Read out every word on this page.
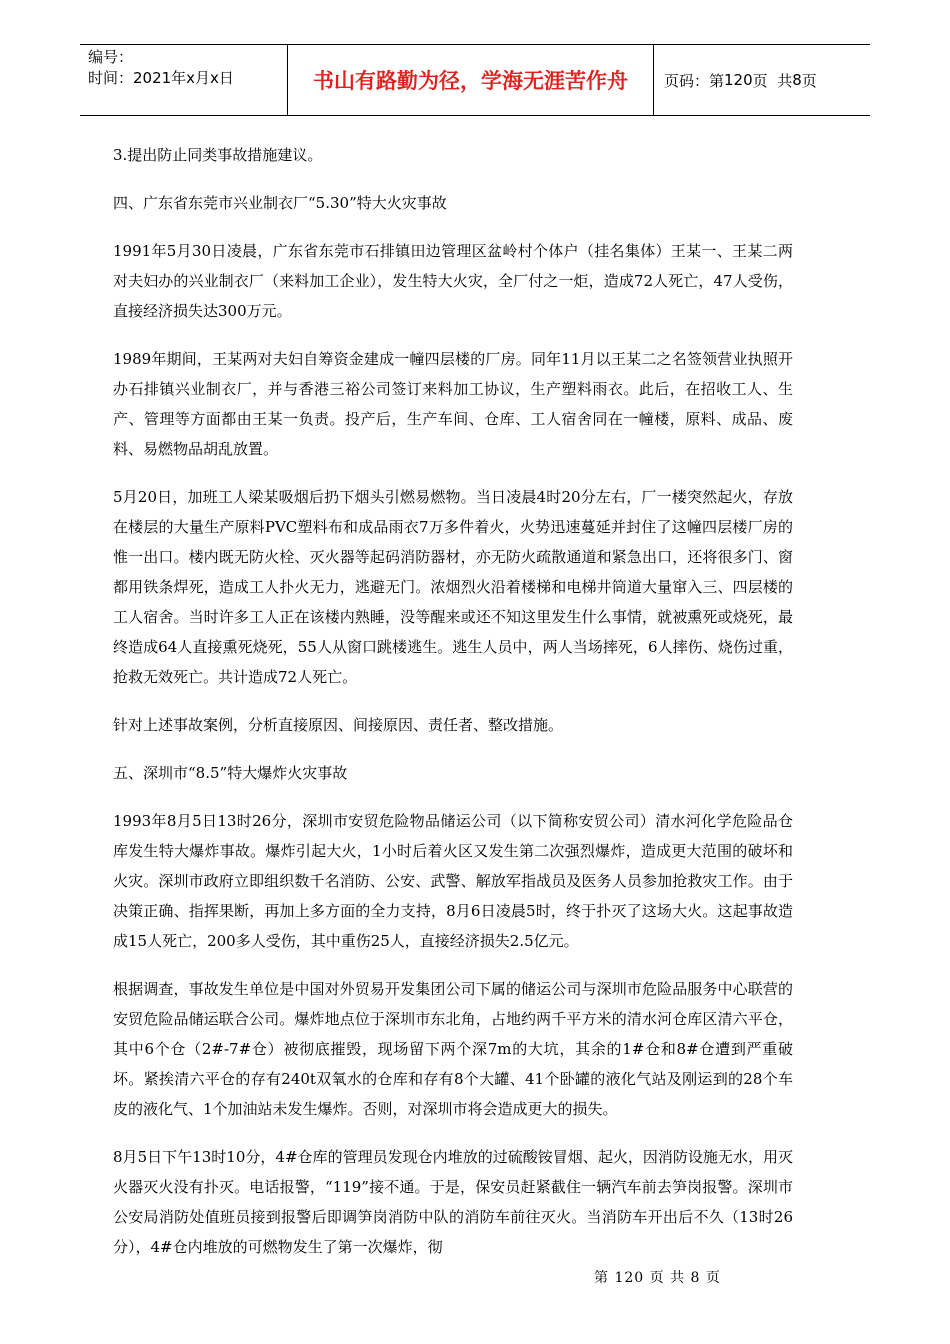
编号：
时间：2021年x月x日	书山有路勤为径，学海无涯苦作舟	页码：第 120 页  共 8 页

3.提出防止同类事故措施建议。

四、广东省东莞市兴业制衣厂“5.30”特大火灾事故

1991年5月30日凌晨，广东省东莞市石排镇田边管理区盆岭村个体户（挂名集体）王某一、王某二两对夫妇办的兴业制衣厂（来料加工企业），发生特大火灾，全厂付之一炬，造成72人死亡，47人受伤，直接经济损失达300万元。

1989年期间，王某两对夫妇自筹资金建成一幢四层楼的厂房。同年11月以王某二之名签领营业执照开办石排镇兴业制衣厂，并与香港三裕公司签订来料加工协议，生产塑料雨衣。此后，在招收工人、生产、管理等方面都由王某一负责。投产后，生产车间、仓库、工人宿舍同在一幢楼，原料、成品、废料、易燃物品胡乱放置。

5月20日，加班工人梁某吸烟后扔下烟头引燃易燃物。当日凌晨4时20分左右，厂一楼突然起火，存放在楼层的大量生产原料PVC塑料布和成品雨衣7万多件着火，火势迅速蔓延并封住了这幢四层楼厂房的惟一出口。楼内既无防火栓、灭火器等起码消防器材，亦无防火疏散通道和紧急出口，还将很多门、窗都用铁条焊死，造成工人扑火无力，逃避无门。浓烟烈火沿着楼梯和电梯井筒道大量窜入三、四层楼的工人宿舍。当时许多工人正在该楼内熟睡，没等醒来或还不知这里发生什么事情，就被熏死或烧死，最终造成64人直接熏死烧死，55人从窗口跳楼逃生。逃生人员中，两人当场摔死，6人摔伤、烧伤过重，抢救无效死亡。共计造成72人死亡。

针对上述事故案例，分析直接原因、间接原因、责任者、整改措施。

五、深圳市“8.5”特大爆炸火灾事故

1993年8月5日13时26分，深圳市安贸危险物品储运公司（以下简称安贸公司）清水河化学危险品仓库发生特大爆炸事故。爆炸引起大火，1小时后着火区又发生第二次强烈爆炸，造成更大范围的破坏和火灾。深圳市政府立即组织数千名消防、公安、武警、解放军指战员及医务人员参加抢救灾工作。由于决策正确、指挥果断，再加上多方面的全力支持，8月6日凌晨5时，终于扑灭了这场大火。这起事故造成15人死亡，200多人受伤，其中重伤25人，直接经济损失2.5亿元。

根据调查，事故发生单位是中国对外贸易开发集团公司下属的储运公司与深圳市危险品服务中心联营的安贸危险品储运联合公司。爆炸地点位于深圳市东北角，占地约两千平方米的清水河仓库区清六平仓，其中6个仓（2#-7#仓）被彻底摧毁，现场留下两个深7m的大坑，其余的1#仓和8#仓遭到严重破坏。紧挨清六平仓的存有240t双氧水的仓库和存有8个大罐、41个卧罐的液化气站及刚运到的28个车皮的液化气、1个加油站未发生爆炸。否则，对深圳市将会造成更大的损失。

8月5日下午13时10分，4#仓库的管理员发现仓内堆放的过硫酸铵冒烟、起火，因消防设施无水，用灭火器灭火没有扑灭。电话报警，“119”接不通。于是，保安员赶紧截住一辆汽车前去笋岗报警。深圳市公安局消防处值班员接到报警后即调笋岗消防中队的消防车前往灭火。当消防车开出后不久（13时26分），4#仓内堆放的可燃物发生了第一次爆炸，彻

第 120 页 共 8 页
